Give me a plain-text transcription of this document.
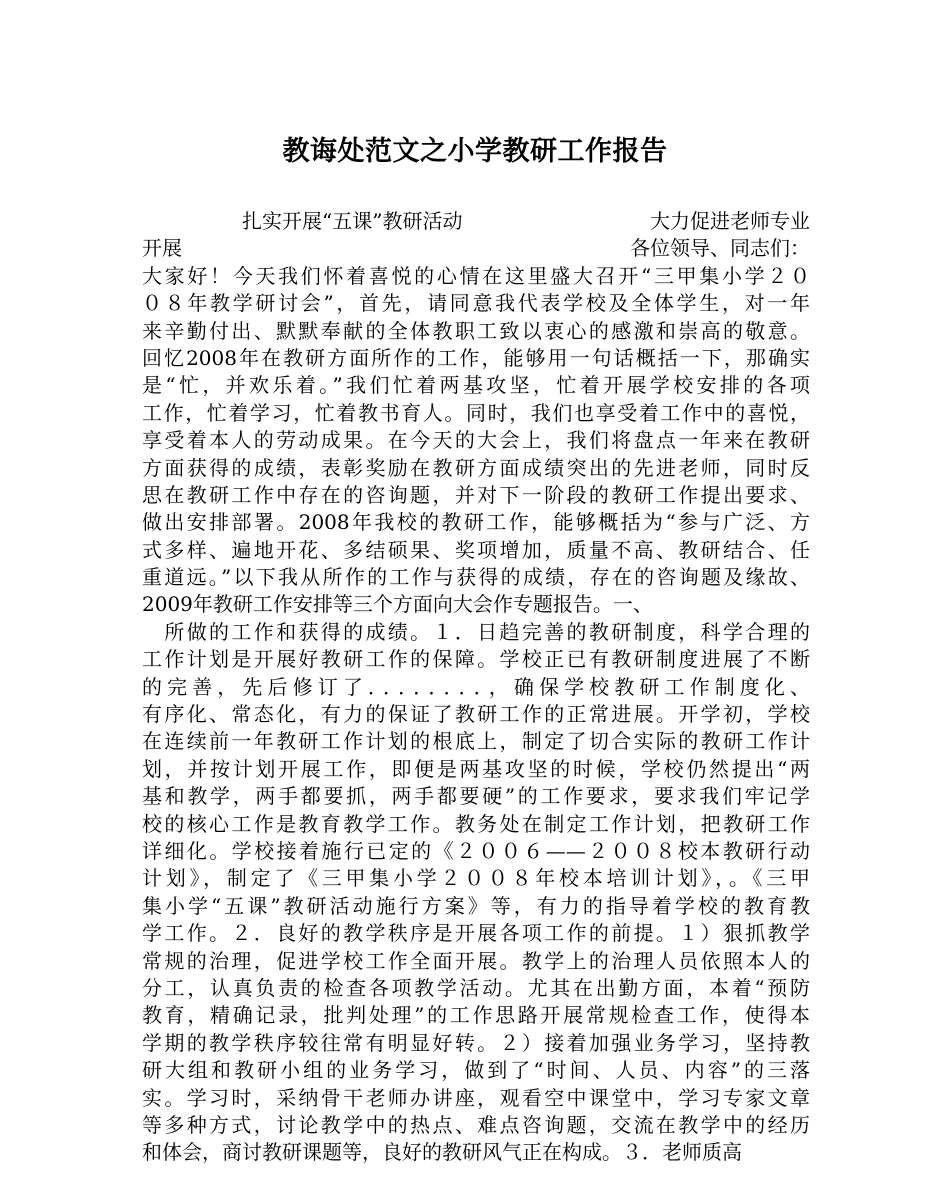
教诲处范文之小学教研工作报告
扎实开展“五课”教研活动	大力促进老师专业
开展	各位领导、同志们：
大家好！今天我们怀着喜悦的心情在这里盛大召开“三甲集小学２０
０８年教学研讨会”，首先，请同意我代表学校及全体学生，对一年
来辛勤付出、默默奉献的全体教职工致以衷心的感激和崇高的敬意。
回忆2008年在教研方面所作的工作，能够用一句话概括一下，那确实
是“忙，并欢乐着。”我们忙着两基攻坚，忙着开展学校安排的各项
工作，忙着学习，忙着教书育人。同时，我们也享受着工作中的喜悦，
享受着本人的劳动成果。在今天的大会上，我们将盘点一年来在教研
方面获得的成绩，表彰奖励在教研方面成绩突出的先进老师，同时反
思在教研工作中存在的咨询题，并对下一阶段的教研工作提出要求、
做出安排部署。2008年我校的教研工作，能够概括为“参与广泛、方
式多样、遍地开花、多结硕果、奖项增加，质量不高、教研结合、任
重道远。”以下我从所作的工作与获得的成绩，存在的咨询题及缘故、
2009年教研工作安排等三个方面向大会作专题报告。一、
　所做的工作和获得的成绩。１．日趋完善的教研制度，科学合理的
工作计划是开展好教研工作的保障。学校正已有教研制度进展了不断
的完善，先后修订了．．．．．．．．，确保学校教研工作制度化、
有序化、常态化，有力的保证了教研工作的正常进展。开学初，学校
在连续前一年教研工作计划的根底上，制定了切合实际的教研工作计
划，并按计划开展工作，即便是两基攻坚的时候，学校仍然提出“两
基和教学，两手都要抓，两手都要硬”的工作要求，要求我们牢记学
校的核心工作是教育教学工作。教务处在制定工作计划，把教研工作
详细化。学校接着施行已定的《２００６——２００８校本教研行动
计划》，制定了《三甲集小学２００８年校本培训计划》，。《三甲
集小学“五课”教研活动施行方案》等，有力的指导着学校的教育教
学工作。２．良好的教学秩序是开展各项工作的前提。１）狠抓教学
常规的治理，促进学校工作全面开展。教学上的治理人员依照本人的
分工，认真负责的检查各项教学活动。尤其在出勤方面，本着“预防
教育，精确记录，批判处理”的工作思路开展常规检查工作，使得本
学期的教学秩序较往常有明显好转。２）接着加强业务学习，坚持教
研大组和教研小组的业务学习，做到了“时间、人员、内容”的三落
实。学习时，采纳骨干老师办讲座，观看空中课堂中，学习专家文章
等多种方式，讨论教学中的热点、难点咨询题，交流在教学中的经历
和体会，商讨教研课题等，良好的教研风气正在构成。３．老师质高
